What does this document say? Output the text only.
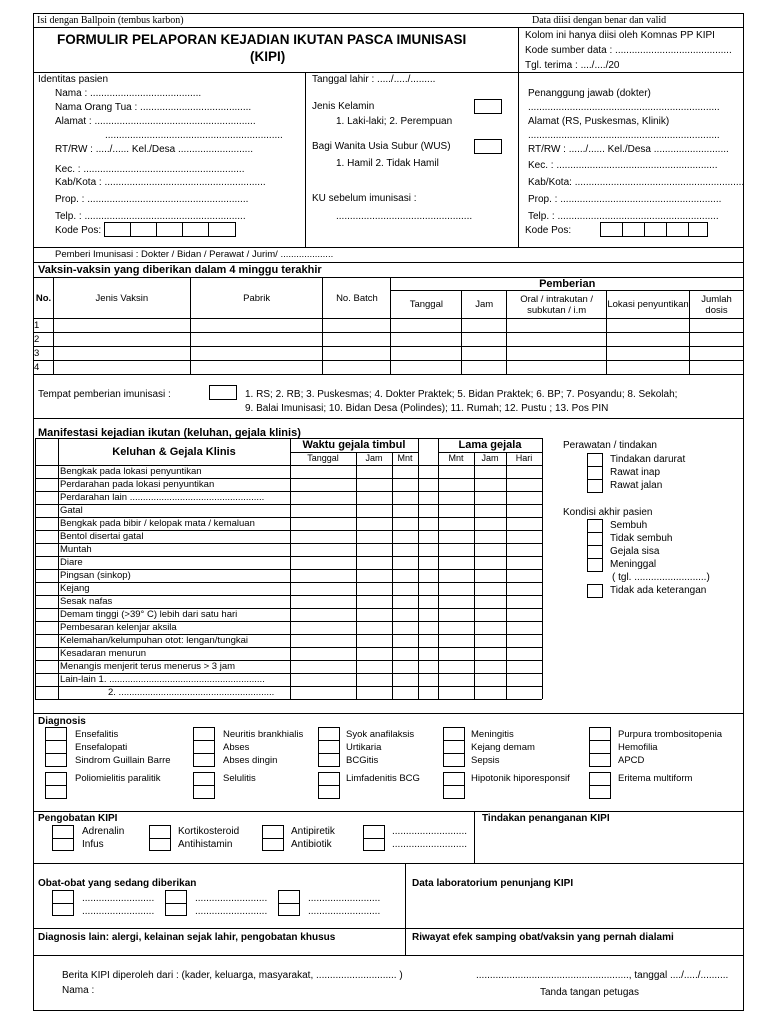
Isi dengan Ballpoin (tembus karbon)	Data diisi dengan benar dan valid
FORMULIR PELAPORAN KEJADIAN IKUTAN PASCA IMUNISASI
(KIPI)
Kolom ini hanya diisi oleh Komnas PP KIPI
Kode sumber data : ..........................................
Tgl. terima : ..../..../20
Identitas pasien
Nama : ........................................
Nama Orang Tua : ........................................
Alamat : ..........................................................
................................................................
RT/RW : ...../...... Kel./Desa ...........................
Kec. : ..........................................................
Kab/Kota : ..........................................................
Prop. : ..........................................................
Telp. : ..........................................................
Kode Pos:
Tanggal lahir : ...../...../.........
Jenis Kelamin
1. Laki-laki; 2. Perempuan
Bagi Wanita Usia Subur (WUS)
1. Hamil 2. Tidak Hamil
KU sebelum imunisasi :
.................................................
Penanggung jawab (dokter)
.....................................................................
Alamat (RS, Puskesmas, Klinik)
.....................................................................
RT/RW : ....../...... Kel./Desa ...........................
Kec. : ..........................................................
Kab/Kota: .............................................................
Prop. : ..........................................................
Telp. : ..........................................................
Kode Pos:
Pemberi Imunisasi : Dokter / Bidan / Perawat / Jurim/ ....................
Vaksin-vaksin yang diberikan dalam 4 minggu terakhir
No.	Jenis Vaksin	Pabrik	No. Batch	Pemberian				
				Tanggal	Jam	Oral / intrakutan / subkutan / i.m	Lokasi penyuntikan	Jumlah dosis
1								
2								
3								
4								
Tempat pemberian imunisasi :	1. RS; 2. RB; 3. Puskesmas; 4. Dokter Praktek; 5. Bidan Praktek; 6. BP; 7. Posyandu; 8. Sekolah;
9. Balai Imunisasi; 10. Bidan Desa (Polindes); 11. Rumah; 12. Pustu ; 13. Pos PIN
Manifestasi kejadian ikutan (keluhan, gejala klinis)
Bengkak pada lokasi penyuntikan
Perdarahan pada lokasi penyuntikan
Perdarahan lain ...................................................
Gatal
Bengkak pada bibir / kelopak mata / kemaluan
Bentol disertai gatal
Muntah
Diare
Pingsan (sinkop)
Kejang
Sesak nafas
Demam tinggi (>39° C) lebih dari satu hari
Pembesaran kelenjar aksila
Kelemahan/kelumpuhan otot: lengan/tungkai
Kesadaran menurun
Menangis menjerit terus menerus > 3 jam
Lain-lain 1. ...........................................................
2. ...........................................................
Keluhan & Gejala Klinis
Waktu gejala timbul	Lama gejala
Tanggal	Jam	Mnt	Mnt	Jam	Hari
Perawatan / tindakan
Tindakan darurat
Rawat inap
Rawat jalan
Kondisi akhir pasien
Sembuh
Tidak sembuh
Gejala sisa
Meninggal
( tgl. ..........................)
Tidak ada keterangan
Diagnosis
Ensefalitis
Ensefalopati
Sindrom Guillain Barre
Poliomielitis paralitik
Neuritis brankhialis
Abses
Abses dingin
Selulitis
Syok anafilaksis
Urtikaria
BCGitis
Limfadenitis BCG
Meningitis
Kejang demam
Sepsis
Hipotonik hiporesponsif
Purpura trombositopenia
Hemofilia
APCD
Eritema multiform
Pengobatan KIPI
Adrenalin
Infus
Kortikosteroid
Antihistamin
Antipiretik
Antibiotik
...........................
...........................
Tindakan penanganan KIPI
Obat-obat yang sedang diberikan
..........................
..........................
..........................
..........................
..........................
..........................
Data laboratorium penunjang KIPI
Diagnosis lain: alergi, kelainan sejak lahir, pengobatan khusus	Riwayat efek samping obat/vaksin yang pernah dialami
Berita KIPI diperoleh dari : (kader, keluarga, masyarakat, ............................. )
Nama :
......................................................., tanggal ..../...../..........
Tanda tangan petugas
